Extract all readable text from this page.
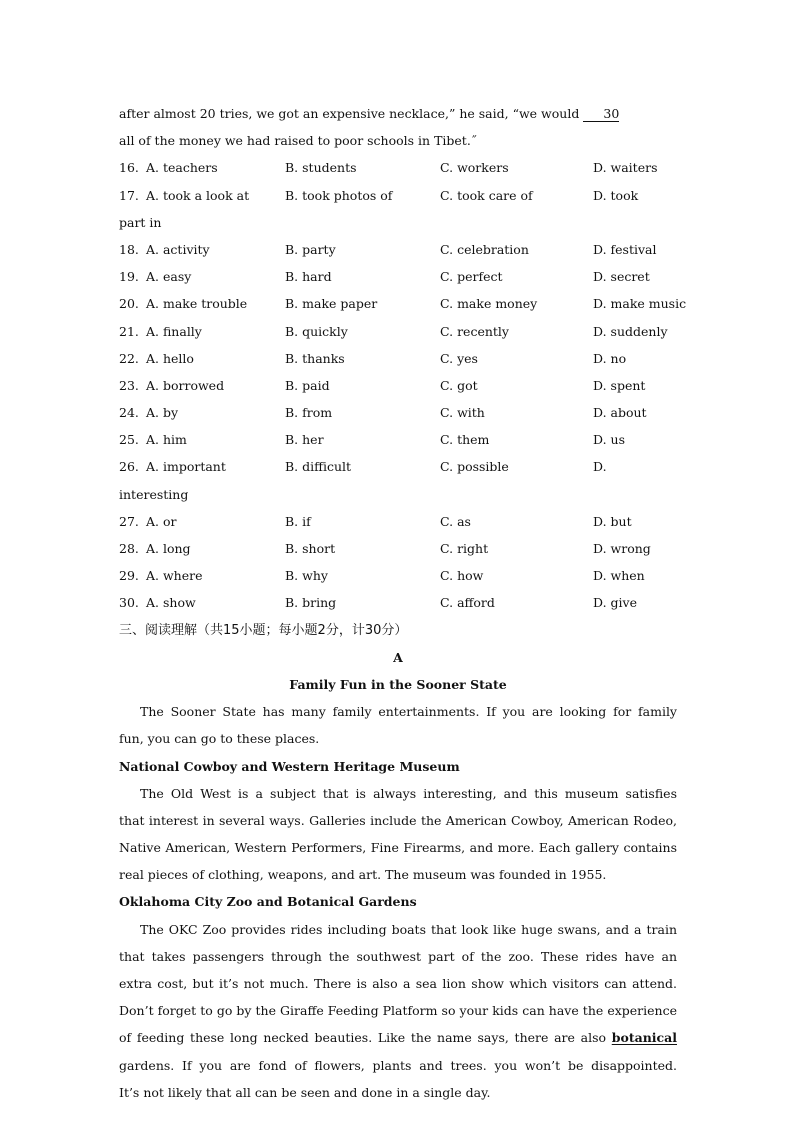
after almost 20 tries, we got an expensive necklace,” he said, “we would 30
all of the money we had raised to poor schools in Tibet.˝
16. A. teachers	B. students	C. workers	D. waiters
17. A. took a look at	B. took photos of	C. took care of	D. took
part in
18. A. activity	B. party	C. celebration	D. festival
19. A. easy	B. hard	C. perfect	D. secret
20. A. make trouble	B. make paper	C. make money	D. make music
21. A. finally	B. quickly	C. recently	D. suddenly
22. A. hello	B. thanks	C. yes	D. no
23. A. borrowed	B. paid	C. got	D. spent
24. A. by	B. from	C. with	D. about
25. A. him	B. her	C. them	D. us
26. A. important	B. difficult	C. possible	D.
interesting
27. A. or	B. if	C. as	D. but
28. A. long	B. short	C. right	D. wrong
29. A. where	B. why	C. how	D. when
30. A. show	B. bring	C. afford	D. give
三、阅读理解（共15小题；每小题2分，计30分）
A
Family Fun in the Sooner State
The Sooner State has many family entertainments. If you are looking for family
fun, you can go to these places.
National Cowboy and Western Heritage Museum
The Old West is a subject that is always interesting, and this museum satisfies
that interest in several ways. Galleries include the American Cowboy, American Rodeo,
Native American, Western Performers, Fine Firearms, and more. Each gallery contains
real pieces of clothing, weapons, and art. The museum was founded in 1955.
Oklahoma City Zoo and Botanical Gardens
The OKC Zoo provides rides including boats that look like huge swans, and a train
that takes passengers through the southwest part of the zoo. These rides have an
extra cost, but it’s not much. There is also a sea lion show which visitors can attend.
Don’t forget to go by the Giraffe Feeding Platform so your kids can have the experience
of feeding these long necked beauties. Like the name says, there are also botanical
gardens. If you are fond of flowers, plants and trees. you won’t be disappointed.
It’s not likely that all can be seen and done in a single day.
